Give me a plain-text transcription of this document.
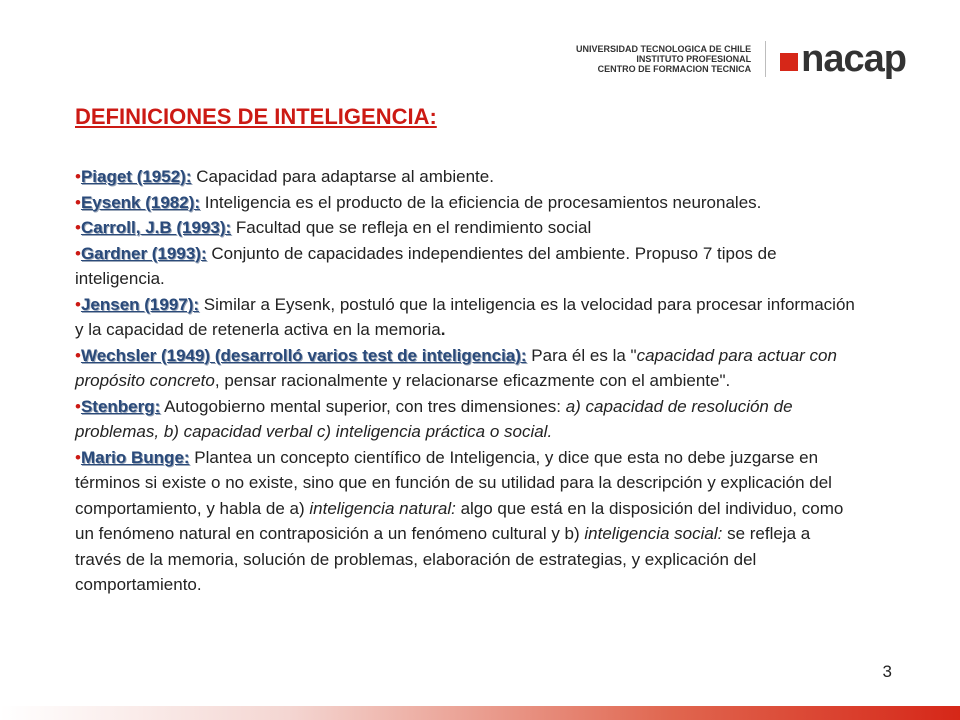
UNIVERSIDAD TECNOLOGICA DE CHILE
INSTITUTO PROFESIONAL
CENTRO DE FORMACION TECNICA nacap
DEFINICIONES DE INTELIGENCIA:

•Piaget (1952): Capacidad para adaptarse al ambiente.

•Eysenk (1982): Inteligencia es el producto de la eficiencia de procesamientos neuronales.

•Carroll, J.B (1993): Facultad que se refleja en el rendimiento social

•Gardner (1993): Conjunto de capacidades independientes del ambiente. Propuso 7 tipos de inteligencia.

•Jensen (1997): Similar a Eysenk, postuló que la inteligencia es la velocidad para procesar información y la capacidad de retenerla activa en la memoria.

•Wechsler (1949) (desarrolló varios test de inteligencia): Para él es la "capacidad para actuar con propósito concreto, pensar racionalmente y relacionarse eficazmente con el ambiente".

•Stenberg: Autogobierno mental superior, con tres dimensiones: a) capacidad de resolución de problemas, b) capacidad verbal c) inteligencia práctica o social.

•Mario Bunge: Plantea un concepto científico de Inteligencia, y dice que esta no debe juzgarse en términos si existe o no existe, sino que en función de su utilidad para la descripción y explicación del comportamiento, y habla de a) inteligencia natural: algo que está en la disposición del individuo, como un fenómeno natural en contraposición a un fenómeno cultural y b) inteligencia social: se refleja a través de la memoria, solución de problemas, elaboración de estrategias, y explicación del comportamiento.

3
